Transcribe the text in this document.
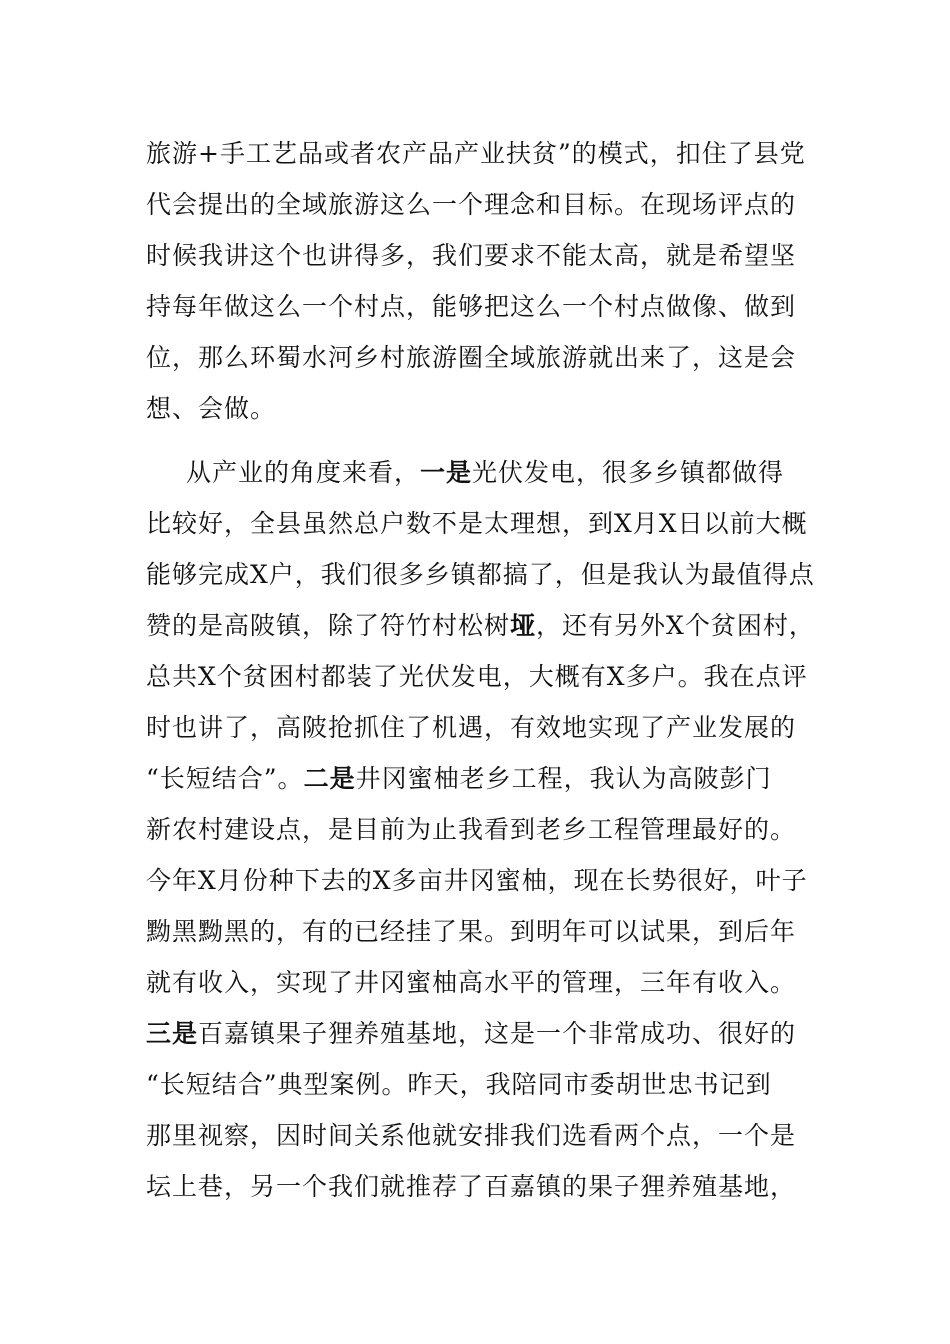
旅游+手工艺品或者农产品产业扶贫”的模式，扣住了县党
代会提出的全域旅游这么一个理念和目标。在现场评点的
时候我讲这个也讲得多，我们要求不能太高，就是希望坚
持每年做这么一个村点，能够把这么一个村点做像、做到
位，那么环蜀水河乡村旅游圈全域旅游就出来了，这是会
想、会做。
从产业的角度来看，一是光伏发电，很多乡镇都做得
比较好，全县虽然总户数不是太理想，到X月X日以前大概
能够完成X户，我们很多乡镇都搞了，但是我认为最值得点
赞的是高陂镇，除了符竹村松树垭，还有另外X个贫困村，
总共X个贫困村都装了光伏发电，大概有X多户。我在点评
时也讲了，高陂抢抓住了机遇，有效地实现了产业发展的
“长短结合”。二是井冈蜜柚老乡工程，我认为高陂彭门
新农村建设点，是目前为止我看到老乡工程管理最好的。
今年X月份种下去的X多亩井冈蜜柚，现在长势很好，叶子
黝黑黝黑的，有的已经挂了果。到明年可以试果，到后年
就有收入，实现了井冈蜜柚高水平的管理，三年有收入。
三是百嘉镇果子狸养殖基地，这是一个非常成功、很好的
“长短结合”典型案例。昨天，我陪同市委胡世忠书记到
那里视察，因时间关系他就安排我们选看两个点，一个是
坛上巷，另一个我们就推荐了百嘉镇的果子狸养殖基地，
